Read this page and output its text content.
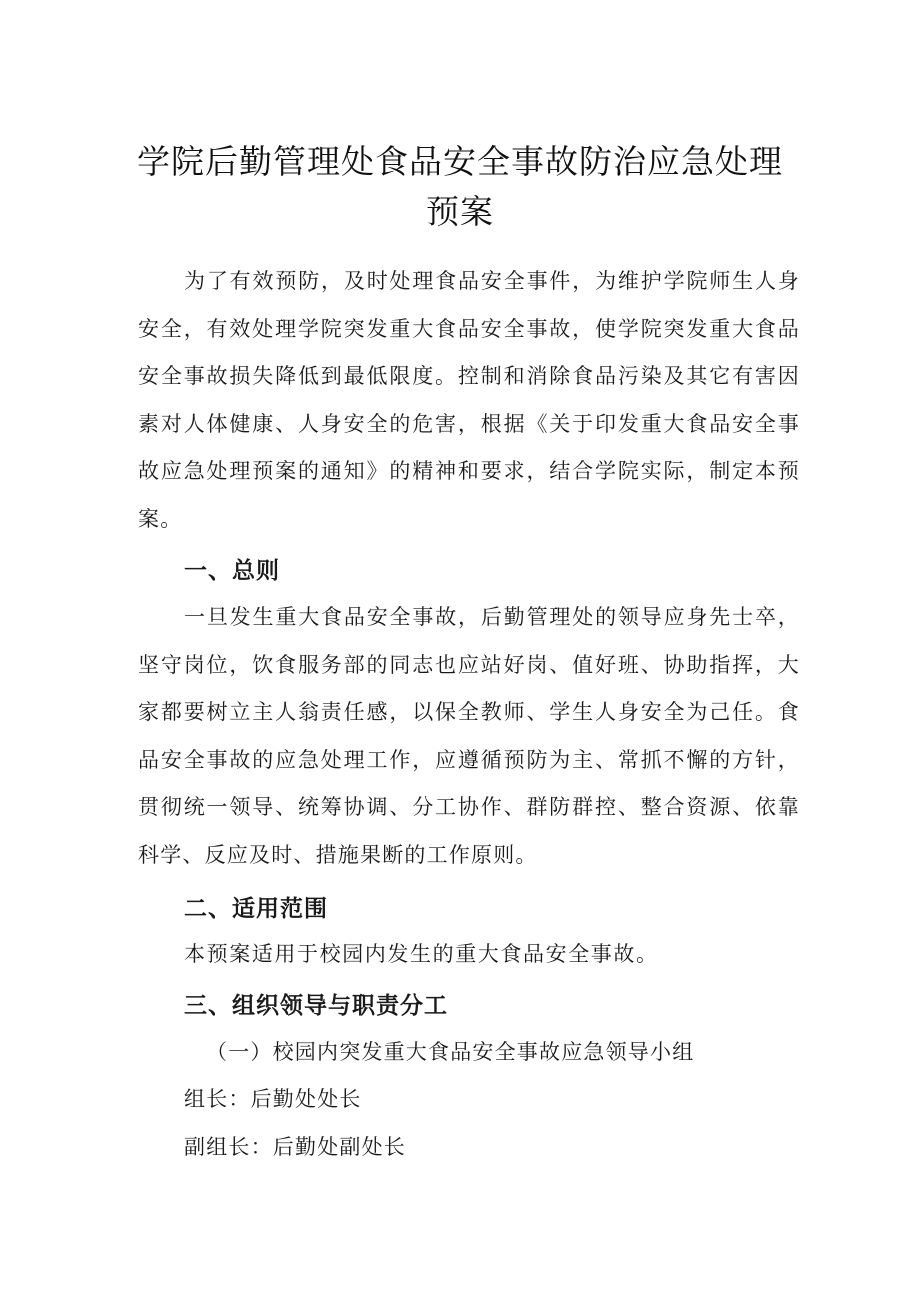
学院后勤管理处食品安全事故防治应急处理
预案

为了有效预防，及时处理食品安全事件，为维护学院师生人身安全，有效处理学院突发重大食品安全事故，使学院突发重大食品安全事故损失降低到最低限度。控制和消除食品污染及其它有害因素对人体健康、人身安全的危害，根据《关于印发重大食品安全事故应急处理预案的通知》的精神和要求，结合学院实际，制定本预案。

一、总则

一旦发生重大食品安全事故，后勤管理处的领导应身先士卒，坚守岗位，饮食服务部的同志也应站好岗、值好班、协助指挥，大家都要树立主人翁责任感，以保全教师、学生人身安全为己任。食品安全事故的应急处理工作，应遵循预防为主、常抓不懈的方针，贯彻统一领导、统筹协调、分工协作、群防群控、整合资源、依靠科学、反应及时、措施果断的工作原则。

二、适用范围

本预案适用于校园内发生的重大食品安全事故。

三、组织领导与职责分工

（一）校园内突发重大食品安全事故应急领导小组

组长：后勤处处长

副组长：后勤处副处长
